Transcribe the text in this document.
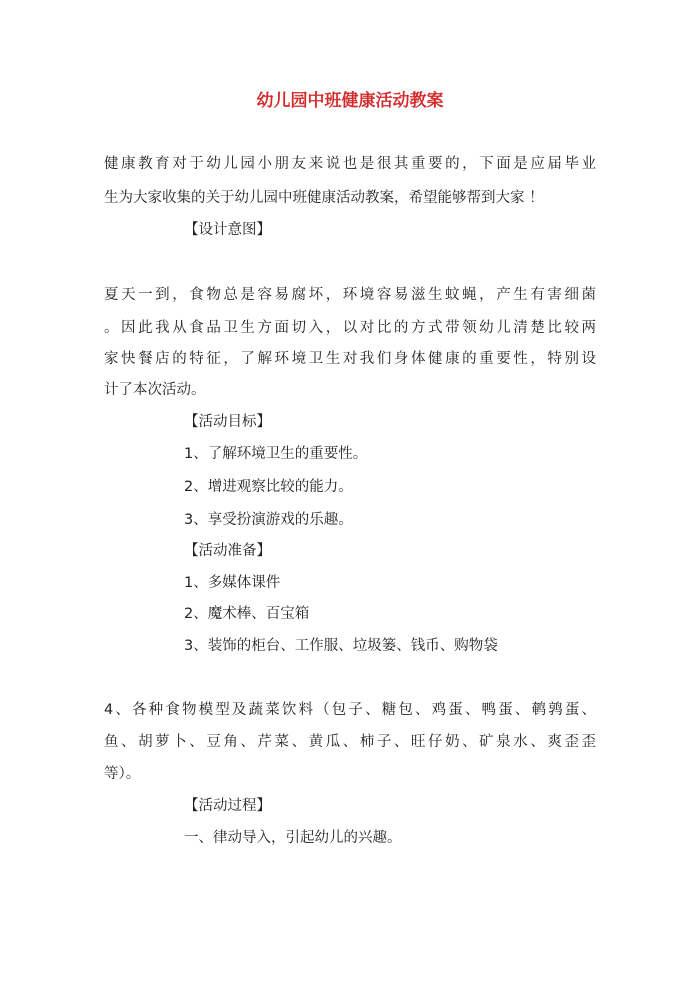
幼儿园中班健康活动教案
健康教育对于幼儿园小朋友来说也是很其重要的，下面是应届毕业
生为大家收集的关于幼儿园中班健康活动教案，希望能够帮到大家 ！
【设计意图】
夏天一到，食物总是容易腐坏，环境容易滋生蚊蝇，产生有害细菌
。因此我从食品卫生方面切入，以对比的方式带领幼儿清楚比较两
家快餐店的特征，了解环境卫生对我们身体健康的重要性，特别设
计了本次活动。
【活动目标】
1、了解环境卫生的重要性。
2、增进观察比较的能力。
3、享受扮演游戏的乐趣。
【活动准备】
1、多媒体课件
2、魔术棒、百宝箱
3、装饰的柜台、工作服、垃圾篓、钱币、购物袋
4、各种食物模型及蔬菜饮料（包子、糖包、鸡蛋、鸭蛋、鹌鹑蛋、
鱼、胡萝卜、豆角、芹菜、黄瓜、柿子、旺仔奶、矿泉水、爽歪歪
等）。
【活动过程】
一、律动导入，引起幼儿的兴趣。
